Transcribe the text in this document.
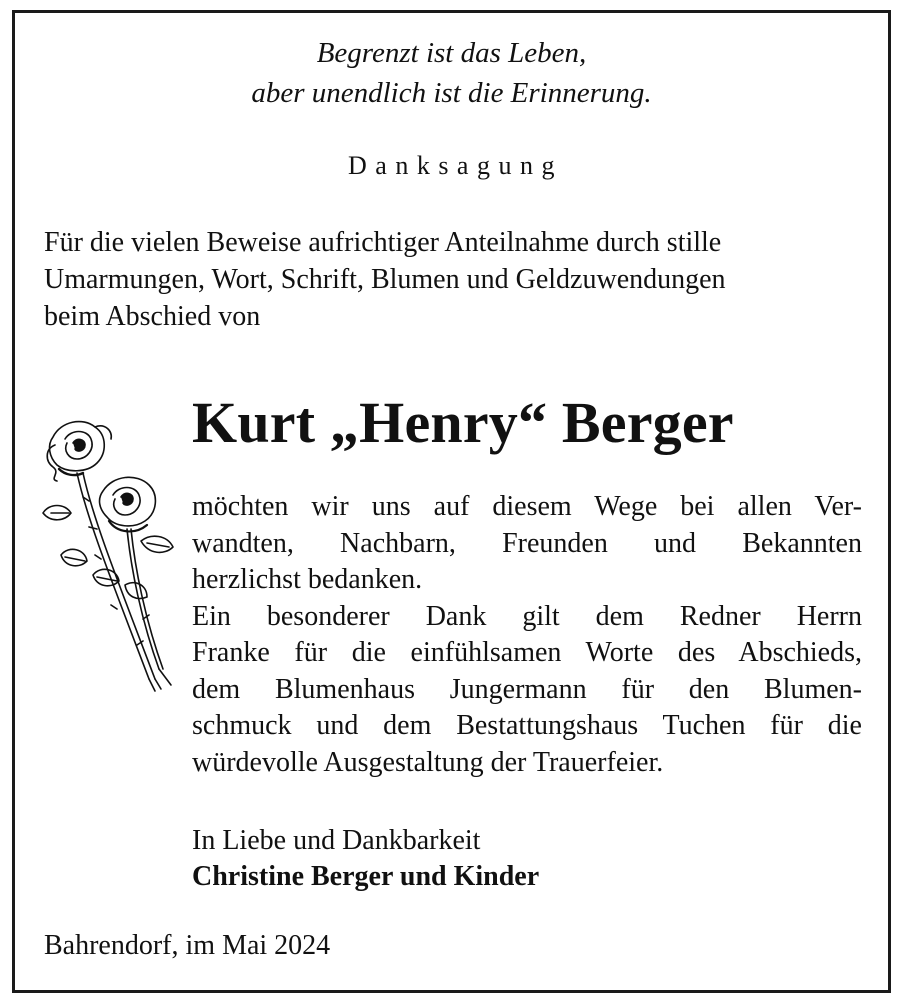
Begrenzt ist das Leben,
aber unendlich ist die Erinnerung.
Danksagung
Für die vielen Beweise aufrichtiger Anteilnahme durch stille
Umarmungen, Wort, Schrift, Blumen und Geldzuwendungen
beim Abschied von
Kurt „Henry“ Berger
möchten wir uns auf diesem Wege bei allen Ver-
wandten, Nachbarn, Freunden und Bekannten
herzlichst bedanken.
Ein besonderer Dank gilt dem Redner Herrn
Franke für die einfühlsamen Worte des Abschieds,
dem Blumenhaus Jungermann für den Blumen-
schmuck und dem Bestattungshaus Tuchen für die
würdevolle Ausgestaltung der Trauerfeier.
In Liebe und Dankbarkeit
Christine Berger und Kinder
Bahrendorf, im Mai 2024
